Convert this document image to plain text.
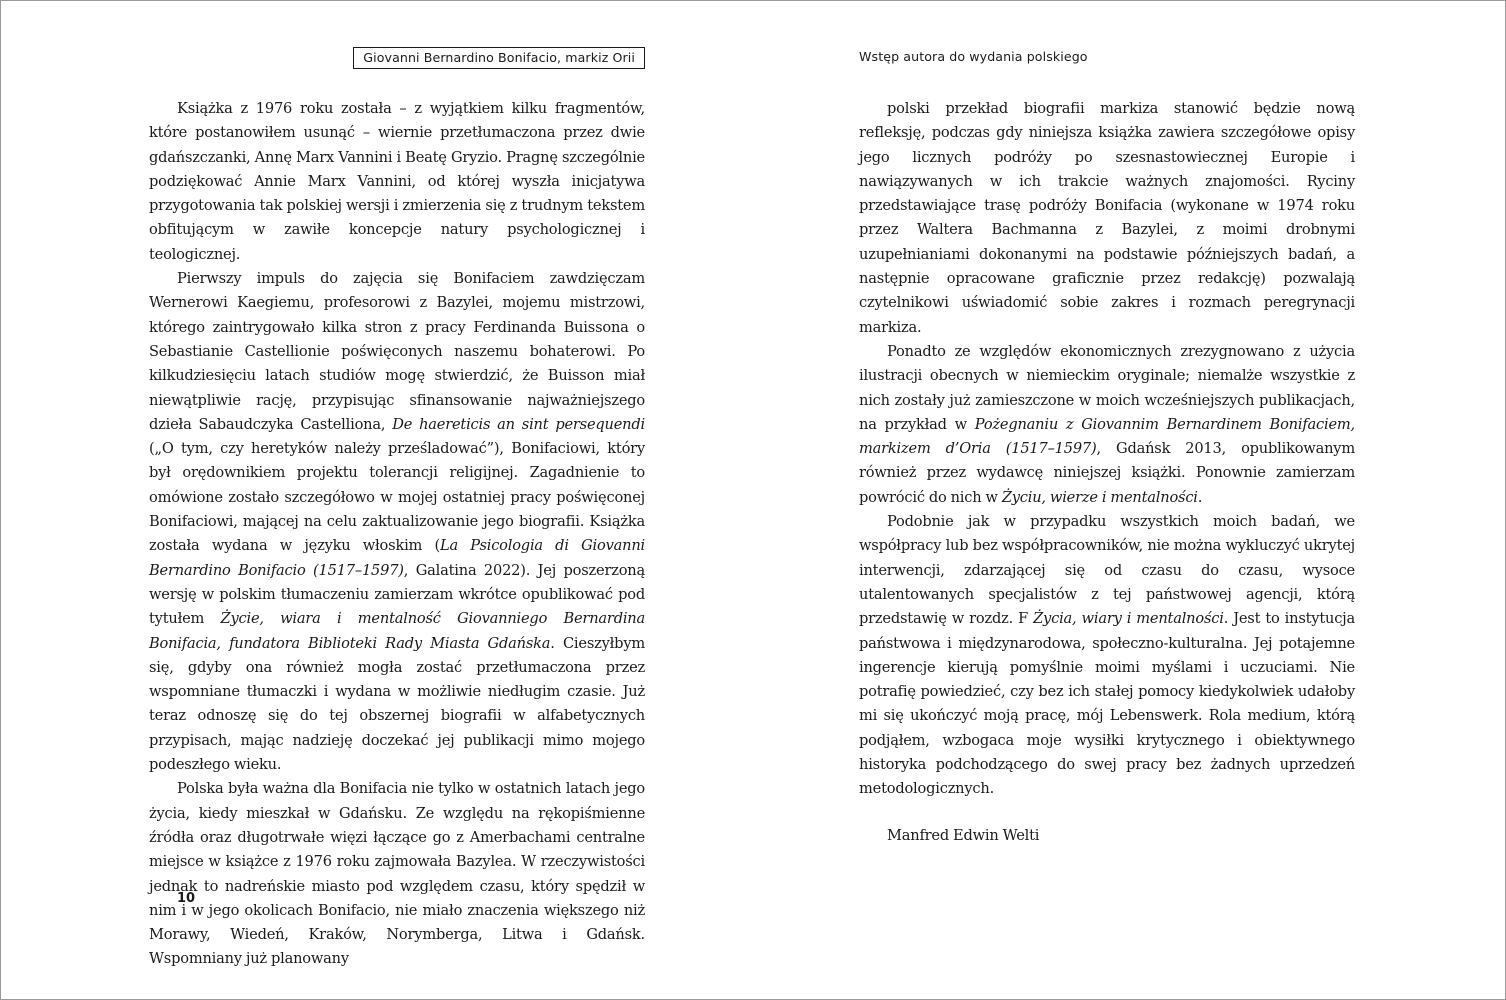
Giovanni Bernardino Bonifacio, markiz Orii

Książka z 1976 roku została – z wyjątkiem kilku fragmentów, które postanowiłem usunąć – wiernie przetłumaczona przez dwie gdańszczanki, Annę Marx Vannini i Beatę Gryzio. Pragnę szczególnie podziękować Annie Marx Vannini, od której wyszła inicjatywa przygotowania tak polskiej wersji i zmierzenia się z trudnym tekstem obfitującym w zawiłe koncepcje natury psychologicznej i teologicznej.

Pierwszy impuls do zajęcia się Bonifaciem zawdzięczam Wernerowi Kaegiemu, profesorowi z Bazylei, mojemu mistrzowi, którego zaintrygowało kilka stron z pracy Ferdinanda Buissona o Sebastianie Castellionie poświęconych naszemu bohaterowi. Po kilkudziesięciu latach studiów mogę stwierdzić, że Buisson miał niewątpliwie rację, przypisując sfinansowanie najważniejszego dzieła Sabaudczyka Castelliona, De haereticis an sint persequendi („O tym, czy heretyków należy prześladować”), Bonifaciowi, który był orędownikiem projektu tolerancji religijnej. Zagadnienie to omówione zostało szczegółowo w mojej ostatniej pracy poświęconej Bonifaciowi, mającej na celu zaktualizowanie jego biografii. Książka została wydana w języku włoskim (La Psicologia di Giovanni Bernardino Bonifacio (1517–1597), Galatina 2022). Jej poszerzoną wersję w polskim tłumaczeniu zamierzam wkrótce opublikować pod tytułem Życie, wiara i mentalność Giovanniego Bernardina Bonifacia, fundatora Biblioteki Rady Miasta Gdańska. Cieszyłbym się, gdyby ona również mogła zostać przetłumaczona przez wspomniane tłumaczki i wydana w możliwie niedługim czasie. Już teraz odnoszę się do tej obszernej biografii w alfabetycznych przypisach, mając nadzieję doczekać jej publikacji mimo mojego podeszłego wieku.

Polska była ważna dla Bonifacia nie tylko w ostatnich latach jego życia, kiedy mieszkał w Gdańsku. Ze względu na rękopiśmienne źródła oraz długotrwałe więzi łączące go z Amerbachami centralne miejsce w książce z 1976 roku zajmowała Bazylea. W rzeczywistości jednak to nadreńskie miasto pod względem czasu, który spędził w nim i w jego okolicach Bonifacio, nie miało znaczenia większego niż Morawy, Wiedeń, Kraków, Norymberga, Litwa i Gdańsk. Wspomniany już planowany

10
Wstęp autora do wydania polskiego

polski przekład biografii markiza stanowić będzie nową refleksję, podczas gdy niniejsza książka zawiera szczegółowe opisy jego licznych podróży po szesnastowiecznej Europie i nawiązywanych w ich trakcie ważnych znajomości. Ryciny przedstawiające trasę podróży Bonifacia (wykonane w 1974 roku przez Waltera Bachmanna z Bazylei, z moimi drobnymi uzupełnianiami dokonanymi na podstawie późniejszych badań, a następnie opracowane graficznie przez redakcję) pozwalają czytelnikowi uświadomić sobie zakres i rozmach peregrynacji markiza.

Ponadto ze względów ekonomicznych zrezygnowano z użycia ilustracji obecnych w niemieckim oryginale; niemalże wszystkie z nich zostały już zamieszczone w moich wcześniejszych publikacjach, na przykład w Pożegnaniu z Giovannim Bernardinem Bonifaciem, markizem d’Oria (1517–1597), Gdańsk 2013, opublikowanym również przez wydawcę niniejszej książki. Ponownie zamierzam powrócić do nich w Życiu, wierze i mentalności.

Podobnie jak w przypadku wszystkich moich badań, we współpracy lub bez współpracowników, nie można wykluczyć ukrytej interwencji, zdarzającej się od czasu do czasu, wysoce utalentowanych specjalistów z tej państwowej agencji, którą przedstawię w rozdz. F Życia, wiary i mentalności. Jest to instytucja państwowa i międzynarodowa, społeczno-kulturalna. Jej potajemne ingerencje kierują pomyślnie moimi myślami i uczuciami. Nie potrafię powiedzieć, czy bez ich stałej pomocy kiedykolwiek udałoby mi się ukończyć moją pracę, mój Lebenswerk. Rola medium, którą podjąłem, wzbogaca moje wysiłki krytycznego i obiektywnego historyka podchodzącego do swej pracy bez żadnych uprzedzeń metodologicznych.

Manfred Edwin Welti
